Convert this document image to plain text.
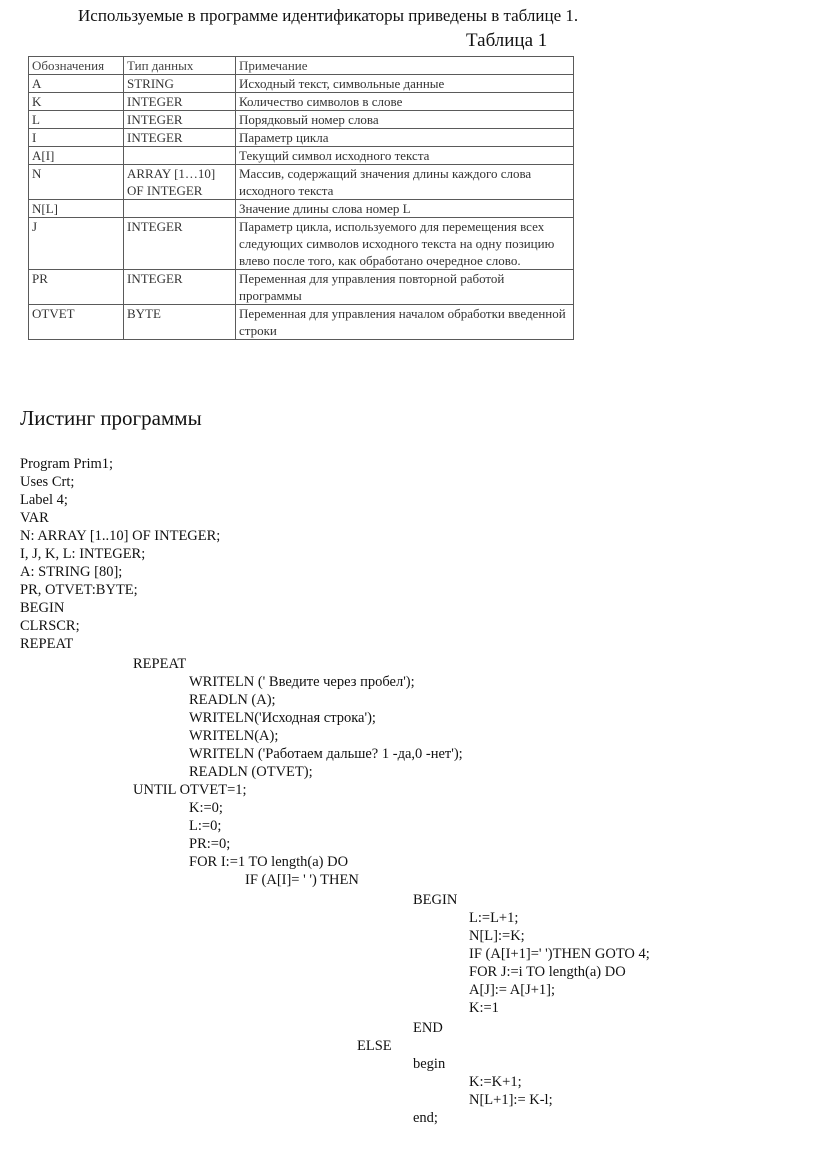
Используемые в программе идентификаторы приведены в таблице 1.
Таблица 1
Обозначения	Тип данных	Примечание
A	STRING	Исходный текст, символьные данные
K	INTEGER	Количество символов в слове
L	INTEGER	Порядковый номер слова
I	INTEGER	Параметр цикла
A[I]		Текущий символ исходного текста
N	ARRAY [1…10] OF INTEGER	Массив, содержащий значения длины каждого слова исходного текста
N[L]		Значение длины слова номер L
J	INTEGER	Параметр цикла, используемого для перемещения всех следующих символов исходного текста на одну позицию влево после того, как обработано очередное слово.
PR	INTEGER	Переменная для управления повторной работой программы
OTVET	BYTE	Переменная для управления началом обработки введенной строки
Листинг программы
Program Prim1;
Uses Crt;
Label 4;
VAR
N: ARRAY [1..10] OF INTEGER;
I, J, K, L: INTEGER;
A: STRING [80];
PR, OTVET:BYTE;
BEGIN
CLRSCR;
REPEAT
REPEAT
WRITELN (' Введите через пробел');
READLN (A);
WRITELN('Исходная строка');
WRITELN(A);
WRITELN ('Работаем дальше? 1 -да,0 -нет');
READLN (OTVET);
UNTIL OTVET=1;
K:=0;
L:=0;
PR:=0;
FOR I:=1 TO length(a) DO
IF (A[I]= ' ') THEN
BEGIN
L:=L+1;
N[L]:=K;
IF (A[I+1]=' ')THEN GOTO 4;
FOR J:=i TO length(a) DO
A[J]:= A[J+1];
K:=1
END
ELSE
begin
K:=K+1;
N[L+1]:= K-l;
end;
